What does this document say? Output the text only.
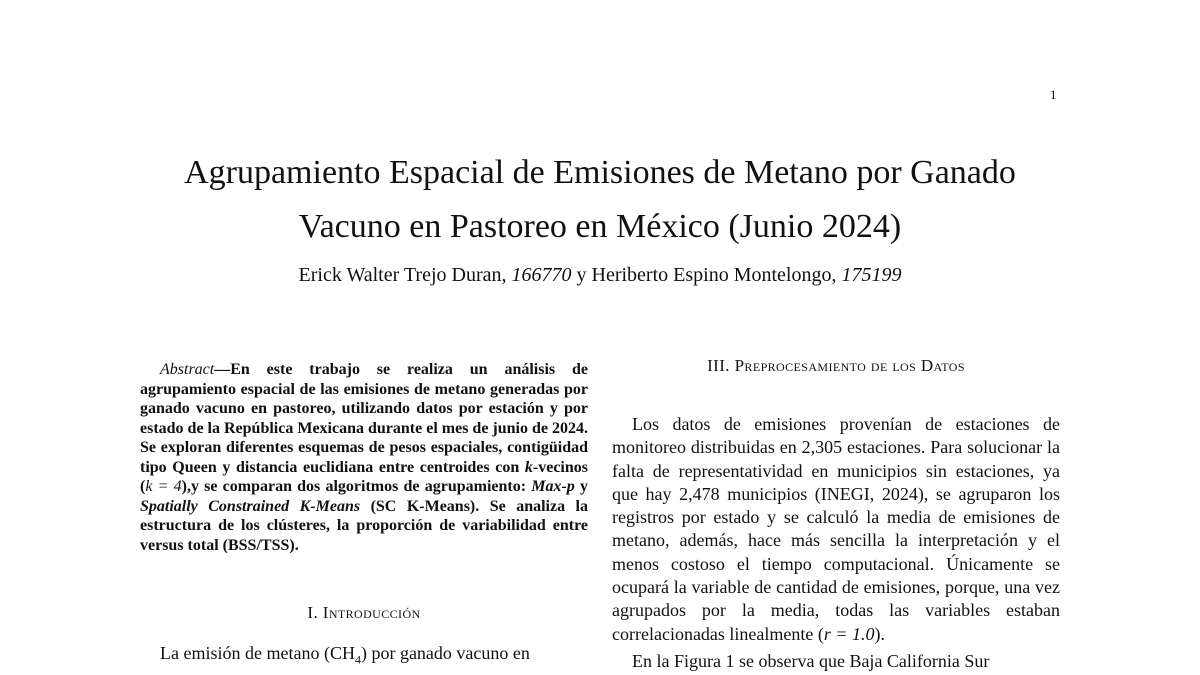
1
Agrupamiento Espacial de Emisiones de Metano por Ganado
Vacuno en Pastoreo en México (Junio 2024)
Erick Walter Trejo Duran, 166770 y Heriberto Espino Montelongo, 175199

Abstract—En este trabajo se realiza un análisis de agrupamiento espacial de las emisiones de metano generadas por ganado vacuno en pastoreo, utilizando datos por estación y por estado de la República Mexicana durante el mes de junio de 2024. Se exploran diferentes esquemas de pesos espaciales, contigüidad tipo Queen y distancia euclidiana entre centroides con k-vecinos (k = 4),y se comparan dos algoritmos de agrupamiento: Max-p y Spatially Constrained K-Means (SC K-Means). Se analiza la estructura de los clústeres, la proporción de variabilidad entre versus total (BSS/TSS).

I. Introducción

La emisión de metano $(CH_4)$ por ganado vacuno en

III. Preprocesamiento de los Datos

Los datos de emisiones provenían de estaciones de monitoreo distribuidas en 2,305 estaciones. Para solucionar la falta de representatividad en municipios sin estaciones, ya que hay 2,478 municipios (INEGI, 2024), se agruparon los registros por estado y se calculó la media de emisiones de metano, además, hace más sencilla la interpretación y el menos costoso el tiempo computacional. Únicamente se ocupará la variable de cantidad de emisiones, porque, una vez agrupados por la media, todas las variables estaban correlacionadas linealmente (r = 1.0).

En la Figura 1 se observa que Baja California Sur
